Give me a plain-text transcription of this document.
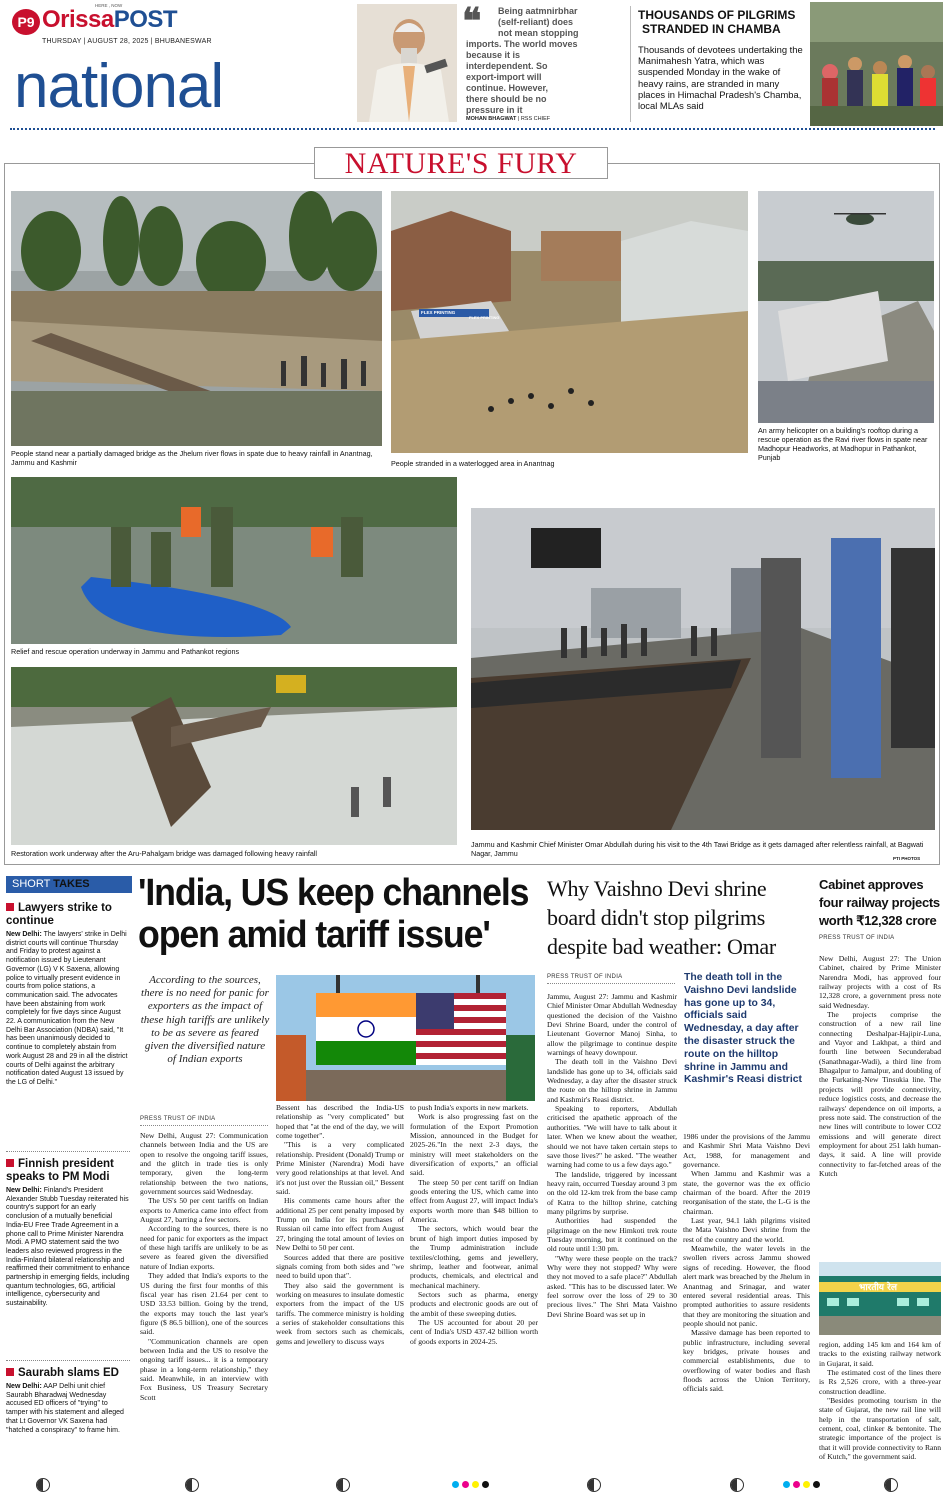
P9 OrissaPOST
HERE , NOW
THURSDAY | AUGUST 28, 2025 | BHUBANESWAR
national
❝	Being aatmnirbhar
(self-reliant) does
not mean stopping
imports. The world moves
because it is
interdependent. So
export-import will
continue. However,
there should be no
pressure in it
MOHAN BHAGWAT | RSS CHIEF
THOUSANDS OF PILGRIMS
STRANDED IN CHAMBA
Thousands of devotees undertaking the Manimahesh Yatra, which was suspended Monday in the wake of heavy rains, are stranded in many places in Himachal Pradesh's Chamba, local MLAs said
NATURE'S FURY
People stand near a partially damaged bridge as the Jhelum river flows in spate due to heavy rainfall in Anantnag, Jammu and Kashmir
FLEX PRINTING
FLEX PRINTING
People stranded in a waterlogged area in Anantnag
An army helicopter on a building's rooftop during a rescue operation as the Ravi river flows in spate near Madhopur Headworks, at Madhopur in Pathankot, Punjab
Relief and rescue operation underway in Jammu and Pathankot regions
Restoration work underway after the Aru-Pahalgam bridge was damaged following heavy rainfall
Jammu and Kashmir Chief Minister Omar Abdullah during his visit to the 4th Tawi Bridge as it gets damaged after relentless rainfall, at Bagwati Nagar, Jammu
PTI PHOTOS
SHORT TAKES
Lawyers strike to continue
New Delhi: The lawyers' strike in Delhi district courts will continue Thursday and Friday to protest against a notification issued by Lieutenant Governor (LG) V K Saxena, allowing police to virtually present evidence in courts from police stations, a communication said. The advocates have been abstaining from work completely for five days since August 22. A communication from the New Delhi Bar Association (NDBA) said, "It has been unanimously decided to continue to completely abstain from work August 28 and 29 in all the district courts of Delhi against the arbitrary notification dated August 13 issued by the LG of Delhi."
Finnish president speaks to PM Modi
New Delhi: Finland's President Alexander Stubb Tuesday reiterated his country's support for an early conclusion of a mutually beneficial India-EU Free Trade Agreement in a phone call to Prime Minister Narendra Modi. A PMO statement said the two leaders also reviewed progress in the India-Finland bilateral relationship and reaffirmed their commitment to enhance partnership in emerging fields, including quantum technologies, 6G, artificial intelligence, cybersecurity and sustainability.
Saurabh slams ED
New Delhi: AAP Delhi unit chief Saurabh Bharadwaj Wednesday accused ED officers of "trying" to tamper with his statement and alleged that Lt Governor VK Saxena had "hatched a conspiracy" to frame him.
'India, US keep channels
open amid tariff issue'
According to the sources, there is no need for panic for exporters as the impact of these high tariffs are unlikely to be as severe as feared given the diversified nature of Indian exports
PRESS TRUST OF INDIA

New Delhi, August 27: Communication channels between India and the US are open to resolve the ongoing tariff issues, and the glitch in trade ties is only temporary, given the long-term relationship between the two nations, government sources said Wednesday.

The US's 50 per cent tariffs on Indian exports to America came into effect from August 27, barring a few sectors.

According to the sources, there is no need for panic for exporters as the impact of these high tariffs are unlikely to be as severe as feared given the diversified nature of Indian exports.

They added that India's exports to the US during the first four months of this fiscal year has risen 21.64 per cent to USD 33.53 billion. Going by the trend, the exports may touch the last year's figure ($ 86.5 billion), one of the sources said.

"Communication channels are open between India and the US to resolve the ongoing tariff issues... it is a temporary phase in a long-term relationship," they said. Meanwhile, in an interview with Fox Business, US Treasury Secretary Scott

Bessent has described the India-US relationship as "very complicated" but hoped that "at the end of the day, we will come together".

"This is a very complicated relationship. President (Donald) Trump or Prime Minister (Narendra) Modi have very good relationships at that level. And it's not just over the Russian oil," Bessent said.

His comments came hours after the additional 25 per cent penalty imposed by Trump on India for its purchases of Russian oil came into effect from August 27, bringing the total amount of levies on New Delhi to 50 per cent.

Sources added that there are positive signals coming from both sides and "we need to build upon that".

They also said the government is working on measures to insulate domestic exporters from the impact of the US tariffs. The commerce ministry is holding a series of stakeholder consultations this week from sectors such as chemicals, gems and jewellery to discuss ways

to push India's exports in new markets.

Work is also progressing fast on the formulation of the Export Promotion Mission, announced in the Budget for 2025-26."In the next 2-3 days, the ministry will meet stakeholders on the diversification of exports," an official said.

The steep 50 per cent tariff on Indian goods entering the US, which came into effect from August 27, will impact India's exports worth more than $48 billion to America.

The sectors, which would bear the brunt of high import duties imposed by the Trump administration include textiles/clothing, gems and jewellery, shrimp, leather and footwear, animal products, chemicals, and electrical and mechanical machinery.

Sectors such as pharma, energy products and electronic goods are out of the ambit of these sweeping duties.

The US accounted for about 20 per cent of India's USD 437.42 billion worth of goods exports in 2024-25.

Why Vaishno Devi shrine
board didn't stop pilgrims
despite bad weather: Omar
PRESS TRUST OF INDIA	The death toll in the Vaishno Devi landslide has gone up to 34, officials said Wednesday, a day after the disaster struck the route on the hilltop shrine in Jammu and Kashmir's Reasi district

Jammu, August 27: Jammu and Kashmir Chief Minister Omar Abdullah Wednesday questioned the decision of the Vaishno Devi Shrine Board, under the control of Lieutenant Governor Manoj Sinha, to allow the pilgrimage to continue despite warnings of heavy downpour.

The death toll in the Vaishno Devi landslide has gone up to 34, officials said Wednesday, a day after the disaster struck the route on the hilltop shrine in Jammu and Kashmir's Reasi district.

Speaking to reporters, Abdullah criticised the apathetic approach of the authorities. "We will have to talk about it later. When we knew about the weather, should we not have taken certain steps to save those lives?" he asked. "The weather warning had come to us a few days ago."

The landslide, triggered by incessant heavy rain, occurred Tuesday around 3 pm on the old 12-km trek from the base camp of Katra to the hilltop shrine, catching many pilgrims by surprise.

Authorities had suspended the pilgrimage on the new Himkoti trek route Tuesday morning, but it continued on the old route until 1:30 pm.

"Why were these people on the track? Why were they not stopped? Why were they not moved to a safe place?" Abdullah asked. "This has to be discussed later. We feel sorrow over the loss of 29 to 30 precious lives." The Shri Mata Vaishno Devi Shrine Board was set up in

1986 under the provisions of the Jammu and Kashmir Shri Mata Vaishno Devi Act, 1988, for management and governance.

When Jammu and Kashmir was a state, the governor was the ex officio chairman of the board. After the 2019 reorganisation of the state, the L-G is the chairman.

Last year, 94.1 lakh pilgrims visited the Mata Vaishno Devi shrine from the rest of the country and the world.

Meanwhile, the water levels in the swollen rivers across Jammu showed signs of receding. However, the flood alert mark was breached by the Jhelum in Anantnag and Srinagar, and water entered several residential areas. This prompted authorities to assure residents that they are monitoring the situation and people should not panic.

Massive damage has been reported to public infrastructure, including several key bridges, private houses and commercial establishments, due to overflowing of water bodies and flash floods across the Union Territory, officials said.

Cabinet approves
four railway projects
worth ₹12,328 crore
PRESS TRUST OF INDIA

New Delhi, August 27: The Union Cabinet, chaired by Prime Minister Narendra Modi, has approved four railway projects with a cost of Rs 12,328 crore, a government press note said Wednesday.

The projects comprise the construction of a new rail line connecting Deshalpar-Hajipir-Luna, and Vayor and Lakhpat, a third and fourth line between Secunderabad (Sanathnagar-Wadi), a third line from Bhagalpur to Jamalpur, and doubling of the Furkating-New Tinsukia line. The projects will provide connectivity, reduce logistics costs, and decrease the railways' dependence on oil imports, a press note said. The construction of the new lines will contribute to lower CO2 emissions and will generate direct employment for about 251 lakh human-days, it said. A line will provide connectivity to far-fetched areas of the Kutch

भारतीय रेल

region, adding 145 km and 164 km of tracks to the existing railway network in Gujarat, it said.

The estimated cost of the lines there is Rs 2,526 crore, with a three-year construction deadline.

"Besides promoting tourism in the state of Gujarat, the new rail line will help in the transportation of salt, cement, coal, clinker & bentonite. The strategic importance of the project is that it will provide connectivity to Rann of Kutch," the government said.
